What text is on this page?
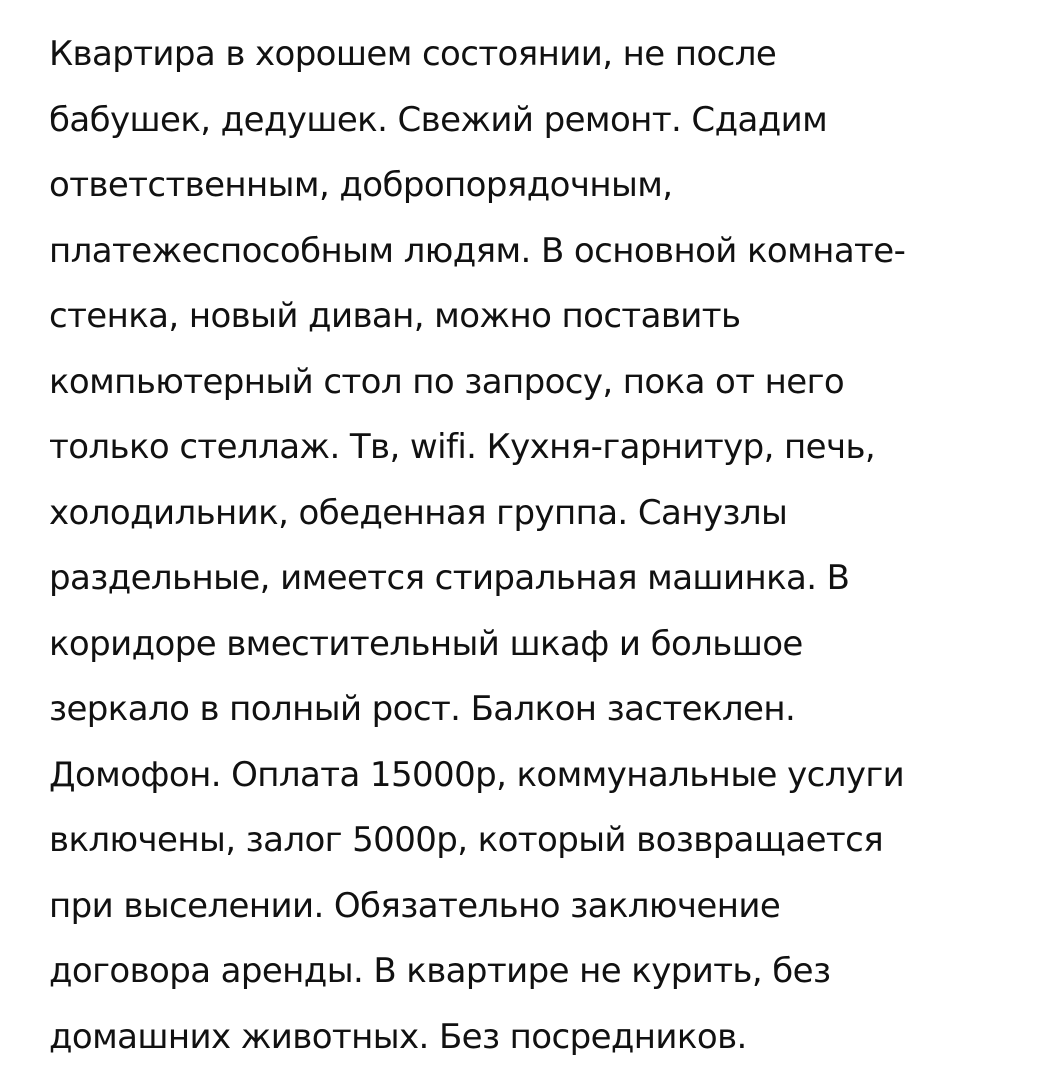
Квартира в хорошем состоянии, не после
бабушек, дедушек. Свежий ремонт. Сдадим
ответственным, добропорядочным,
платежеспособным людям. В основной комнате-
стенка, новый диван, можно поставить
компьютерный стол по запросу, пока от него
только стеллаж. Тв, wifi. Кухня-гарнитур, печь,
холодильник, обеденная группа. Санузлы
раздельные, имеется стиральная машинка. В
коридоре вместительный шкаф и большое
зеркало в полный рост. Балкон застеклен.
Домофон. Оплата 15000р, коммунальные услуги
включены, залог 5000р, который возвращается
при выселении. Обязательно заключение
договора аренды. В квартире не курить, без
домашних животных. Без посредников.
